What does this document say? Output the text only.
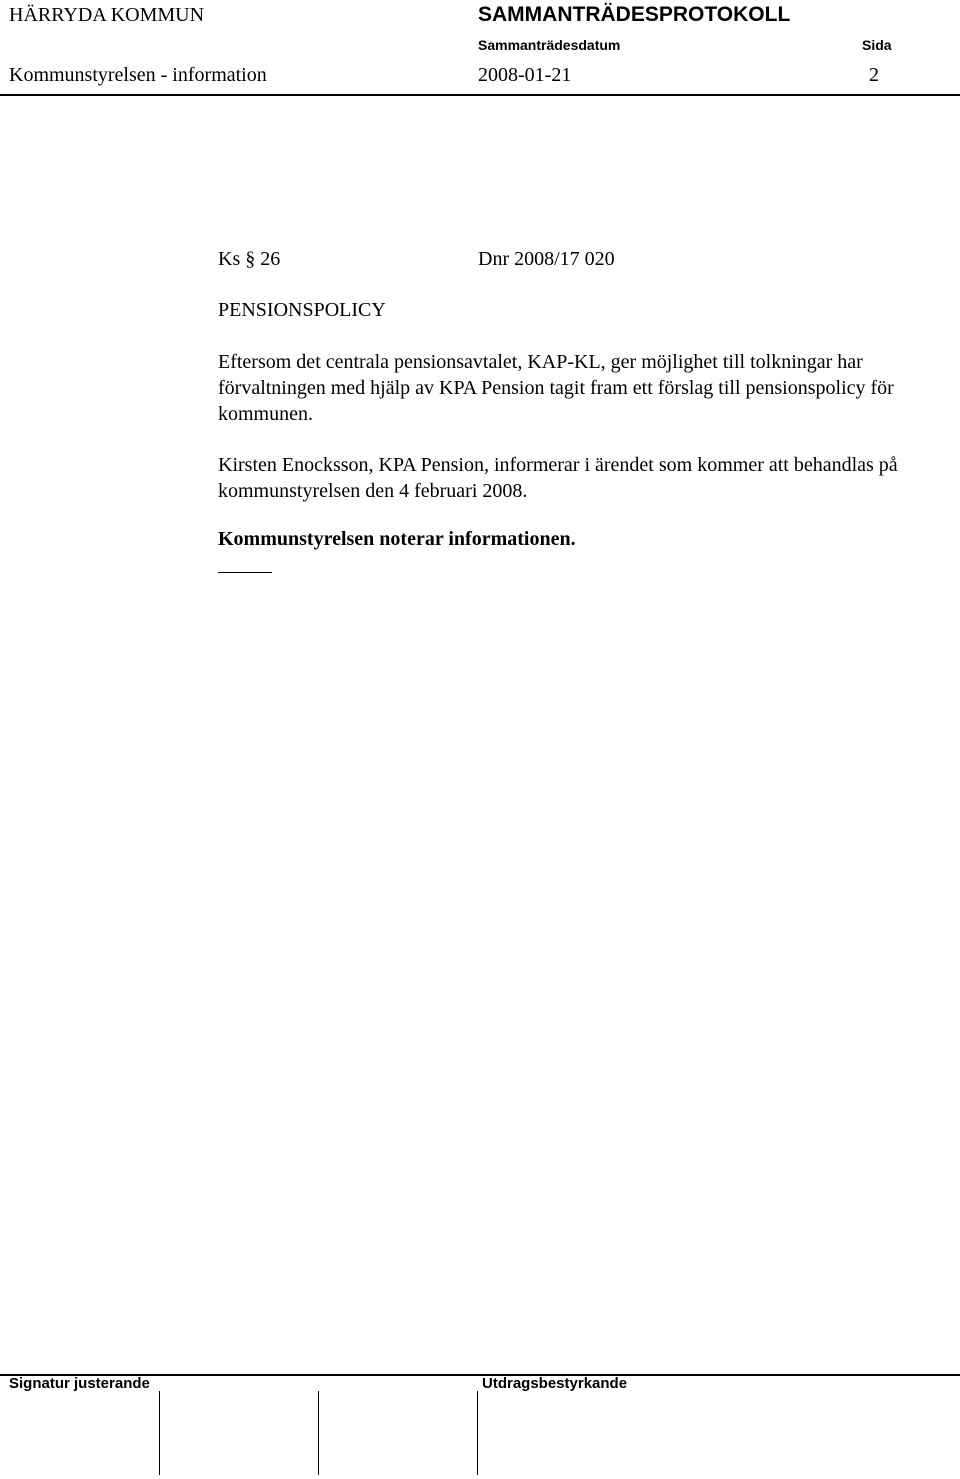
HÄRRYDA KOMMUN	SAMMANTRÄDESPROTOKOLL
Sammanträdesdatum	Sida
Kommunstyrelsen - information	2008-01-21	2
Ks § 26	Dnr 2008/17 020
PENSIONSPOLICY
Eftersom det centrala pensionsavtalet, KAP-KL, ger möjlighet till tolkningar har förvaltningen med hjälp av KPA Pension tagit fram ett förslag till pensionspolicy för kommunen.
Kirsten Enocksson, KPA Pension, informerar i ärendet som kommer att behandlas på kommunstyrelsen den 4 februari 2008.
Kommunstyrelsen noterar informationen.
Signatur justerande	Utdragsbestyrkande
